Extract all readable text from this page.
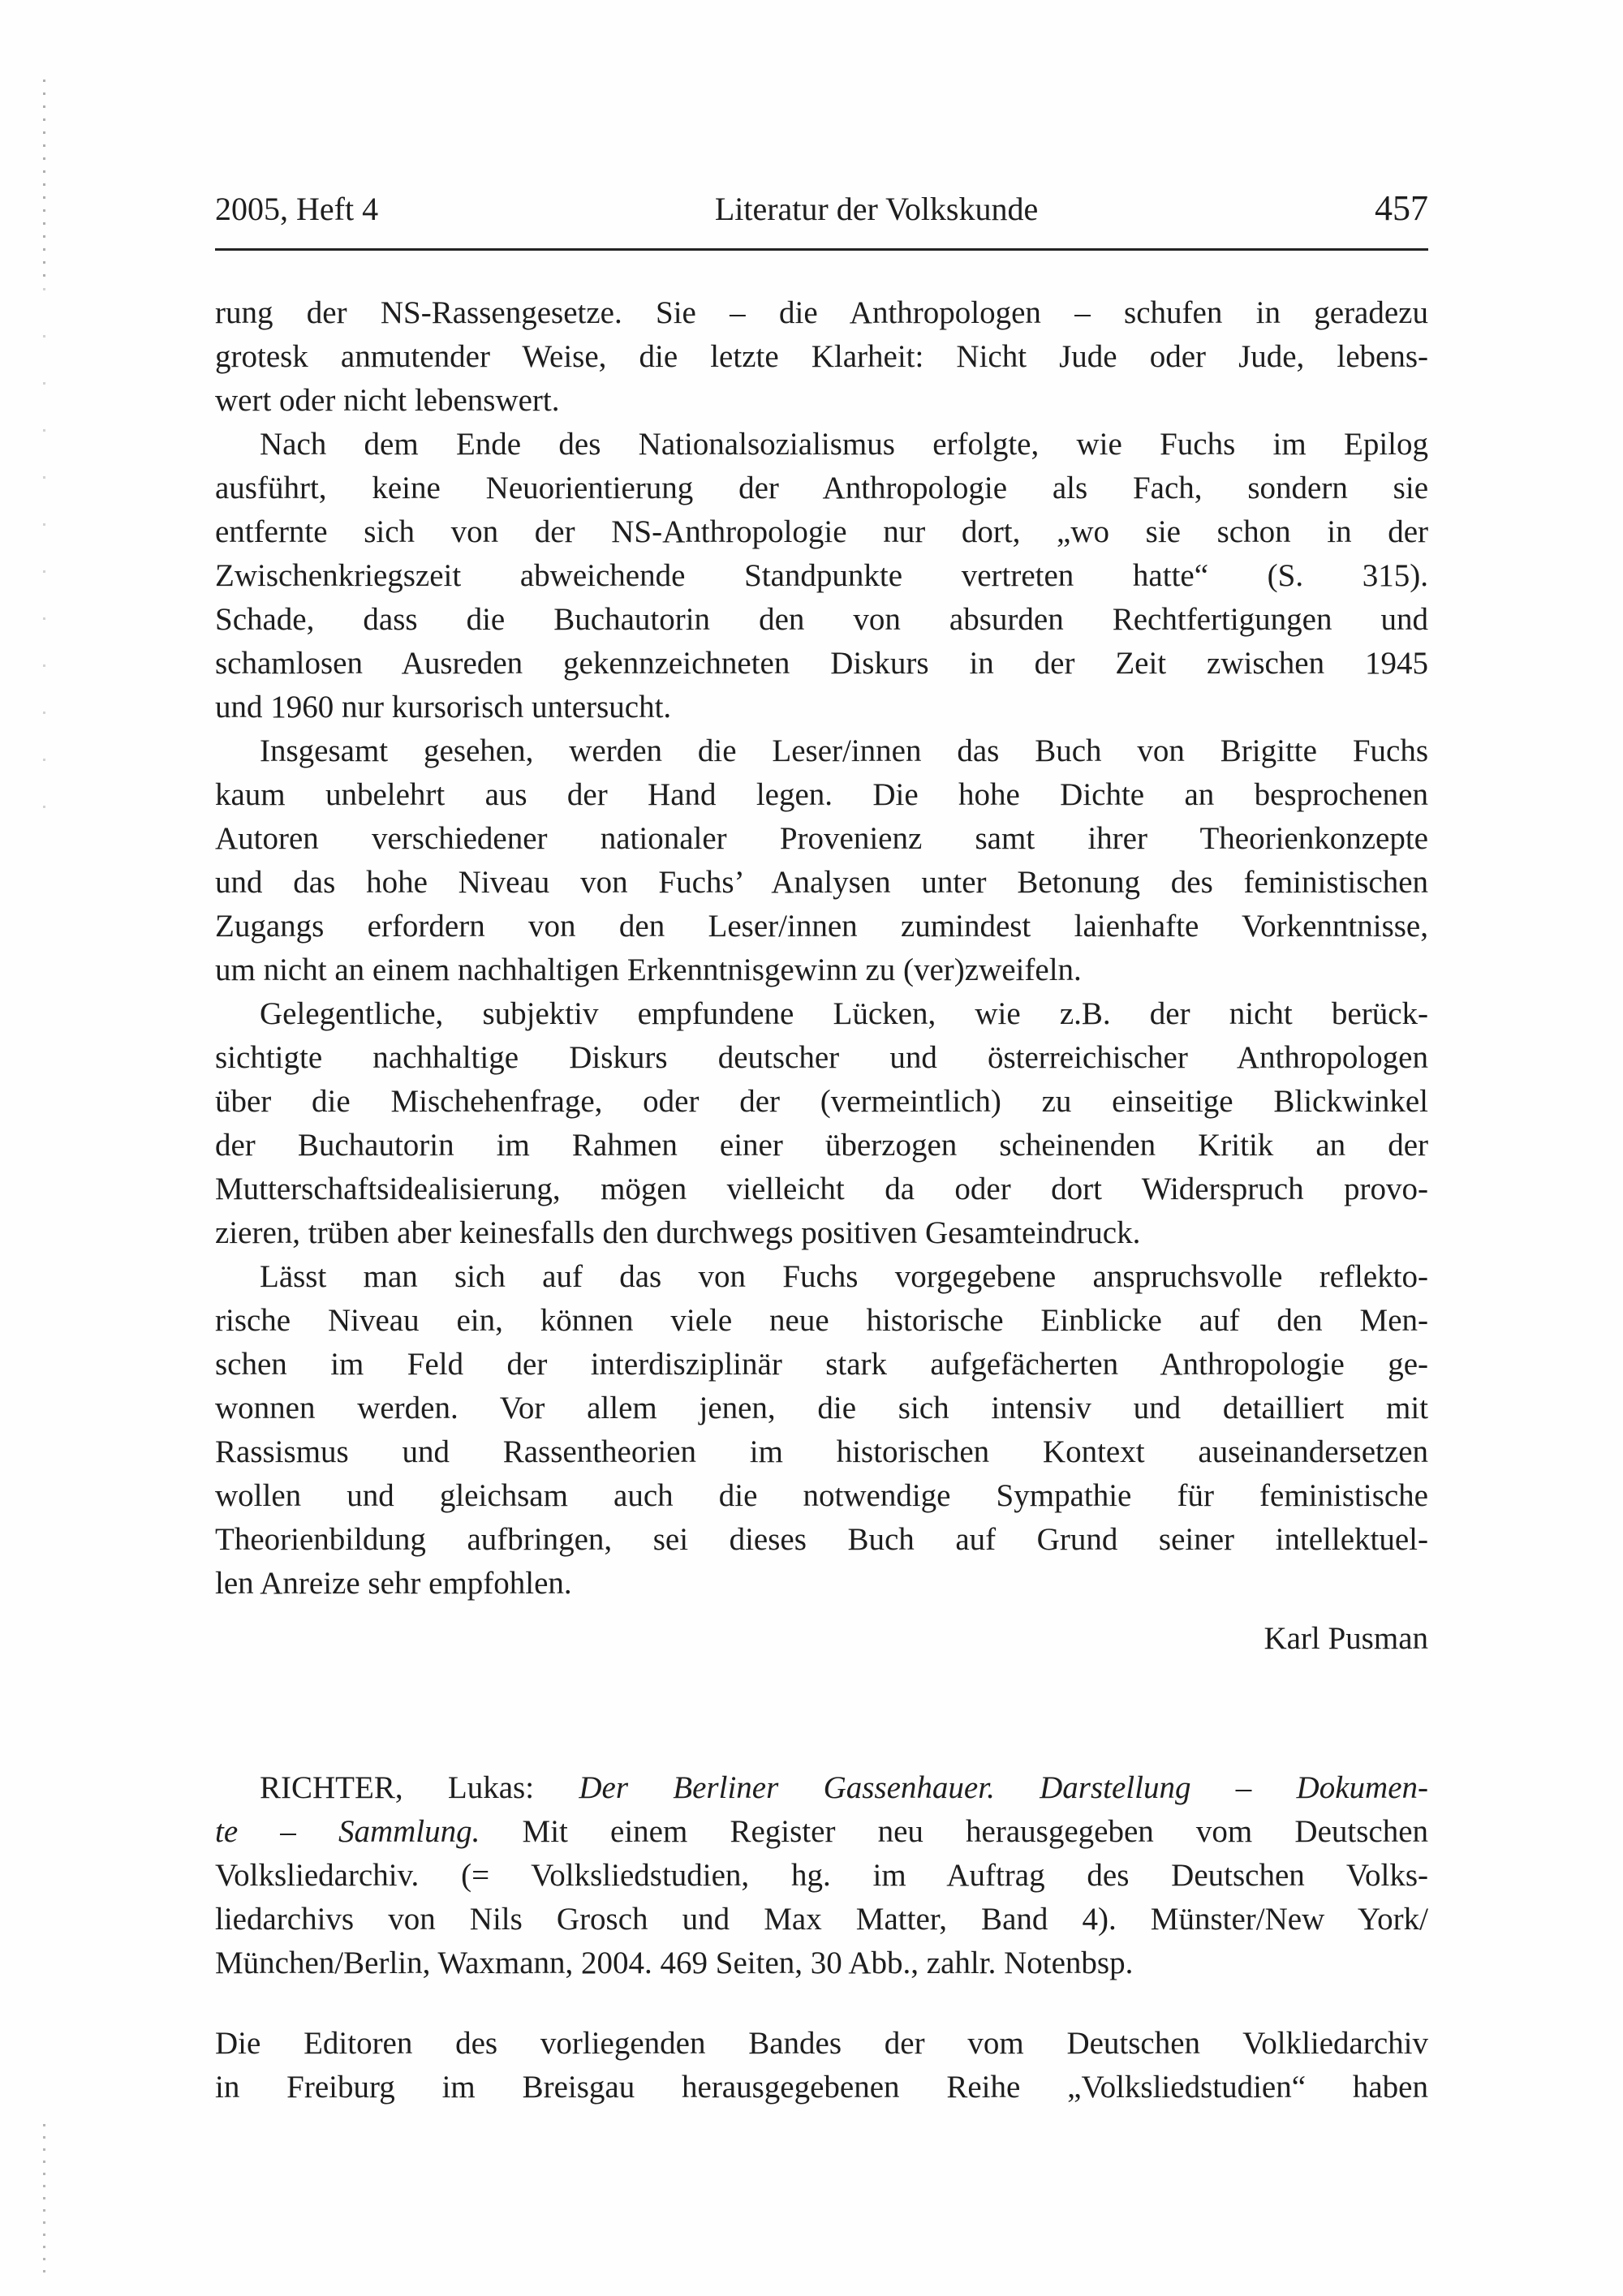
2005, Heft 4	Literatur der Volkskunde	457
rung der NS-Rassengesetze. Sie – die Anthropologen – schufen in geradezu
grotesk anmutender Weise, die letzte Klarheit: Nicht Jude oder Jude, lebens-
wert oder nicht lebenswert.
Nach dem Ende des Nationalsozialismus erfolgte, wie Fuchs im Epilog
ausführt, keine Neuorientierung der Anthropologie als Fach, sondern sie
entfernte sich von der NS-Anthropologie nur dort, „wo sie schon in der
Zwischenkriegszeit abweichende Standpunkte vertreten hatte“ (S. 315).
Schade, dass die Buchautorin den von absurden Rechtfertigungen und
schamlosen Ausreden gekennzeichneten Diskurs in der Zeit zwischen 1945
und 1960 nur kursorisch untersucht.
Insgesamt gesehen, werden die Leser/innen das Buch von Brigitte Fuchs
kaum unbelehrt aus der Hand legen. Die hohe Dichte an besprochenen
Autoren verschiedener nationaler Provenienz samt ihrer Theorienkonzepte
und das hohe Niveau von Fuchs’ Analysen unter Betonung des feministischen
Zugangs erfordern von den Leser/innen zumindest laienhafte Vorkenntnisse,
um nicht an einem nachhaltigen Erkenntnisgewinn zu (ver)zweifeln.
Gelegentliche, subjektiv empfundene Lücken, wie z.B. der nicht berück-
sichtigte nachhaltige Diskurs deutscher und österreichischer Anthropologen
über die Mischehenfrage, oder der (vermeintlich) zu einseitige Blickwinkel
der Buchautorin im Rahmen einer überzogen scheinenden Kritik an der
Mutterschaftsidealisierung, mögen vielleicht da oder dort Widerspruch provo-
zieren, trüben aber keinesfalls den durchwegs positiven Gesamteindruck.
Lässt man sich auf das von Fuchs vorgegebene anspruchsvolle reflekto-
rische Niveau ein, können viele neue historische Einblicke auf den Men-
schen im Feld der interdisziplinär stark aufgefächerten Anthropologie ge-
wonnen werden. Vor allem jenen, die sich intensiv und detailliert mit
Rassismus und Rassentheorien im historischen Kontext auseinandersetzen
wollen und gleichsam auch die notwendige Sympathie für feministische
Theorienbildung aufbringen, sei dieses Buch auf Grund seiner intellektuel-
len Anreize sehr empfohlen.
Karl Pusman
RICHTER, Lukas: Der Berliner Gassenhauer. Darstellung – Dokumen-
te – Sammlung. Mit einem Register neu herausgegeben vom Deutschen
Volksliedarchiv. (= Volksliedstudien, hg. im Auftrag des Deutschen Volks-
liedarchivs von Nils Grosch und Max Matter, Band 4). Münster/New York/
München/Berlin, Waxmann, 2004. 469 Seiten, 30 Abb., zahlr. Notenbsp.
Die Editoren des vorliegenden Bandes der vom Deutschen Volkliedarchiv
in Freiburg im Breisgau herausgegebenen Reihe „Volksliedstudien“ haben
